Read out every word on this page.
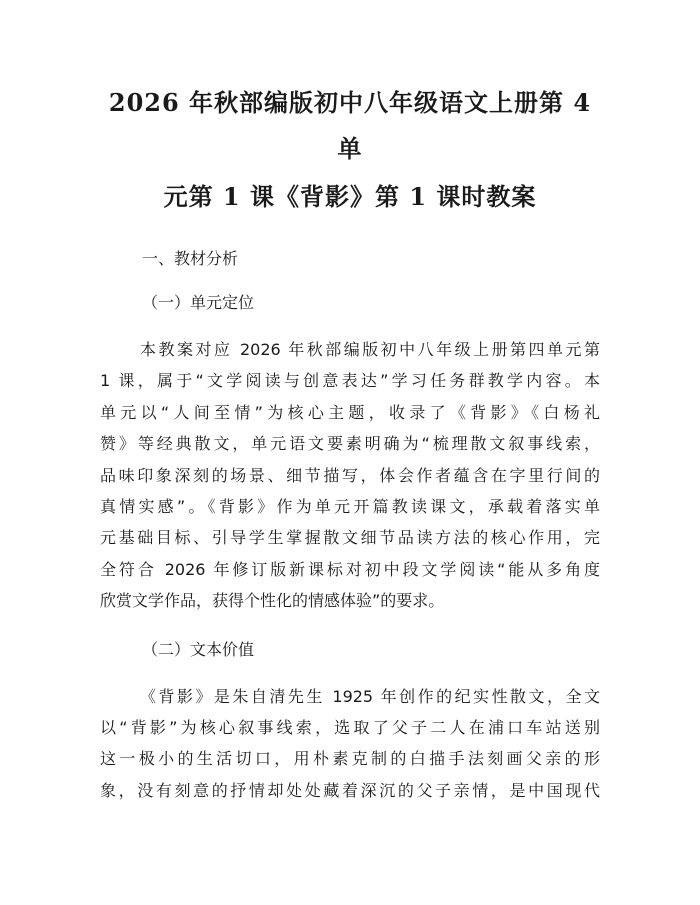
2026 年秋部编版初中八年级语文上册第 4 单
元第 1 课《背影》第 1 课时教案
一、教材分析
（一）单元定位
本教案对应 2026 年秋部编版初中八年级上册第四单元第
1 课，属于“文学阅读与创意表达”学习任务群教学内容。本
单元以“人间至情”为核心主题，收录了《背影》《白杨礼
赞》等经典散文，单元语文要素明确为“梳理散文叙事线索，
品味印象深刻的场景、细节描写，体会作者蕴含在字里行间的
真情实感”。《背影》作为单元开篇教读课文，承载着落实单
元基础目标、引导学生掌握散文细节品读方法的核心作用，完
全符合 2026 年修订版新课标对初中段文学阅读“能从多角度
欣赏文学作品，获得个性化的情感体验”的要求。
（二）文本价值
《背影》是朱自清先生 1925 年创作的纪实性散文，全文
以“背影”为核心叙事线索，选取了父子二人在浦口车站送别
这一极小的生活切口，用朴素克制的白描手法刻画父亲的形
象，没有刻意的抒情却处处藏着深沉的父子亲情，是中国现代
